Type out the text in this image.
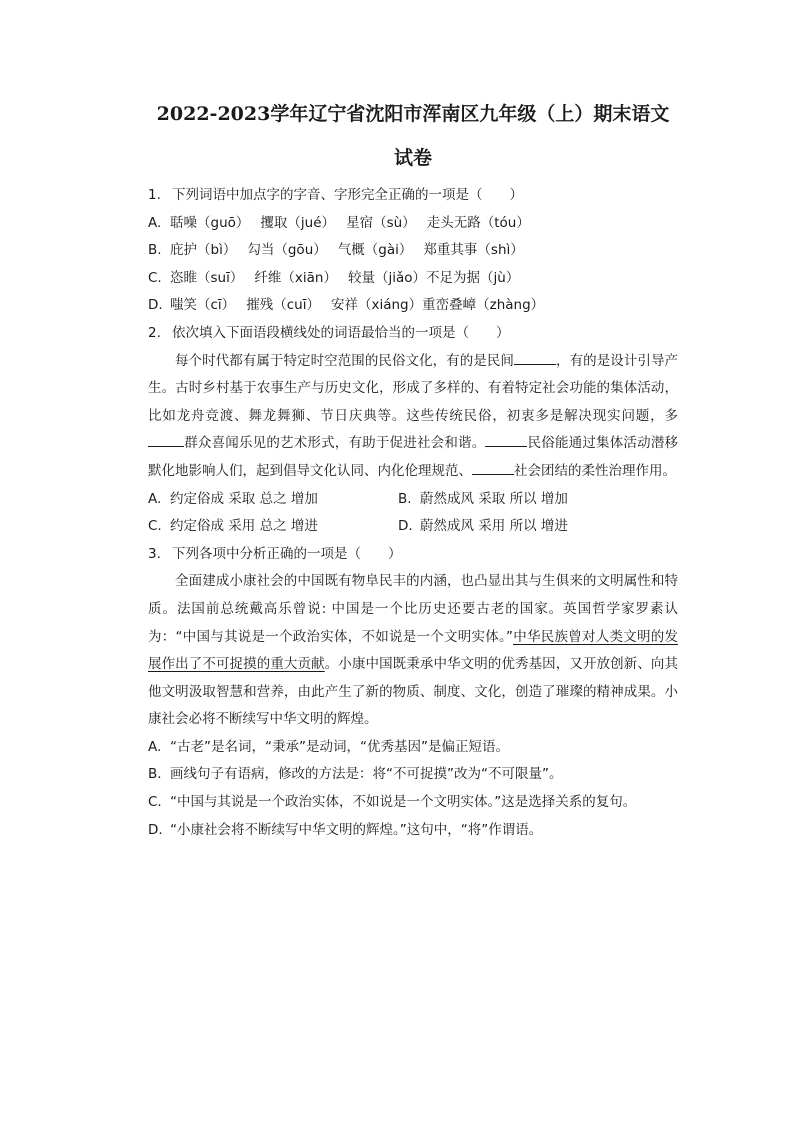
2022-2023学年辽宁省沈阳市浑南区九年级（上）期末语文
试卷
1. 下列词语中加点字的字音、字形完全正确的一项是（　　）
A. 聒噪（guō）　 攫取（jué）　 星宿（sù）　 走头无路（tóu）
B. 庇护（bì）　 勾当（gōu）　 气概（gài）　 郑重其事（shì）
C. 恣睢（suī）　 纤维（xiān）　 较量（jiǎo）不足为据（jù）
D. 嗤笑（cī）　 摧残（cuī）　 安祥（xiáng）重峦叠嶂（zhàng）
2. 依次填入下面语段横线处的词语最恰当的一项是（　　）
每个时代都有属于特定时空范围的民俗文化，有的是民间	，有的是设计引导产生。古时乡村基于农事生产与历史文化，形成了多样的、有着特定社会功能的集体活动，比如龙舟竞渡、舞龙舞狮、节日庆典等。这些传统民俗，初衷多是解决现实问题，多群众喜闻乐见的艺术形式，有助于促进社会和谐。	民俗能通过集体活动潜移默化地影响人们，起到倡导文化认同、内化伦理规范、	社会团结的柔性治理作用。
A. 约定俗成 采取 总之 增加	B. 蔚然成风 采取 所以 增加
C. 约定俗成 采用 总之 增进	D. 蔚然成风 采用 所以 增进
3. 下列各项中分析正确的一项是（　　）
全面建成小康社会的中国既有物阜民丰的内涵，也凸显出其与生俱来的文明属性和特质。法国前总统戴高乐曾说: 中国是一个比历史还要古老的国家。英国哲学家罗素认为：“中国与其说是一个政治实体，不如说是一个文明实体。”中华民族曾对人类文明的发展作出了不可捉摸的重大贡献。小康中国既秉承中华文明的优秀基因，又开放创新、向其他文明汲取智慧和营养，由此产生了新的物质、制度、文化，创造了璀璨的精神成果。小康社会必将不断续写中华文明的辉煌。
A. “古老”是名词，“秉承”是动词，“优秀基因”是偏正短语。
B. 画线句子有语病，修改的方法是：将“不可捉摸”改为“不可限量”。
C. “中国与其说是一个政治实体，不如说是一个文明实体。”这是选择关系的复句。
D. “小康社会将不断续写中华文明的辉煌。”这句中，“将”作谓语。
